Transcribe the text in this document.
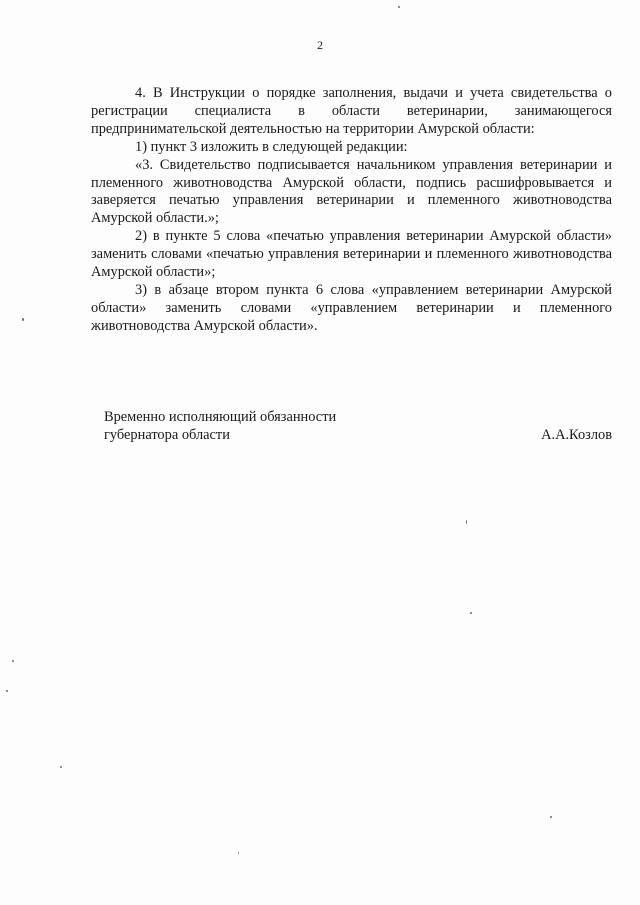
2

4. В Инструкции о порядке заполнения, выдачи и учета свидетельства о регистрации специалиста в области ветеринарии, занимающегося предпринимательской деятельностью на территории Амурской области:

1) пункт 3 изложить в следующей редакции:

«3. Свидетельство подписывается начальником управления ветеринарии и племенного животноводства Амурской области, подпись расшифровывается и заверяется печатью управления ветеринарии и племенного животноводства Амурской области.»;

2) в пункте 5 слова «печатью управления ветеринарии Амурской области» заменить словами «печатью управления ветеринарии и племенного животноводства Амурской области»;

3) в абзаце втором пункта 6 слова «управлением ветеринарии Амурской области» заменить словами «управлением ветеринарии и племенного животноводства Амурской области».

Временно исполняющий обязанности
губернатора области	А.А.Козлов
